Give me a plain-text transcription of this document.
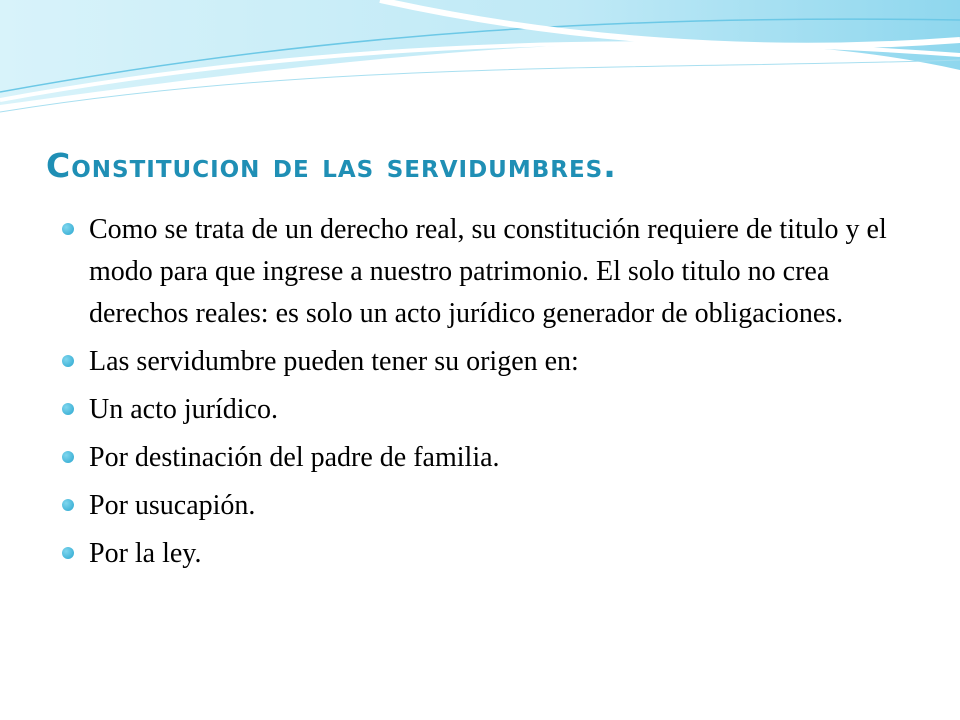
Constitucion de las servidumbres.
Como se trata de un derecho real, su constitución requiere de titulo y el modo para que ingrese a nuestro patrimonio. El solo titulo no crea derechos reales: es solo un acto jurídico generador de obligaciones.
Las servidumbre pueden tener su origen en:
Un acto jurídico.
Por destinación del padre de familia.
Por usucapión.
Por la ley.
